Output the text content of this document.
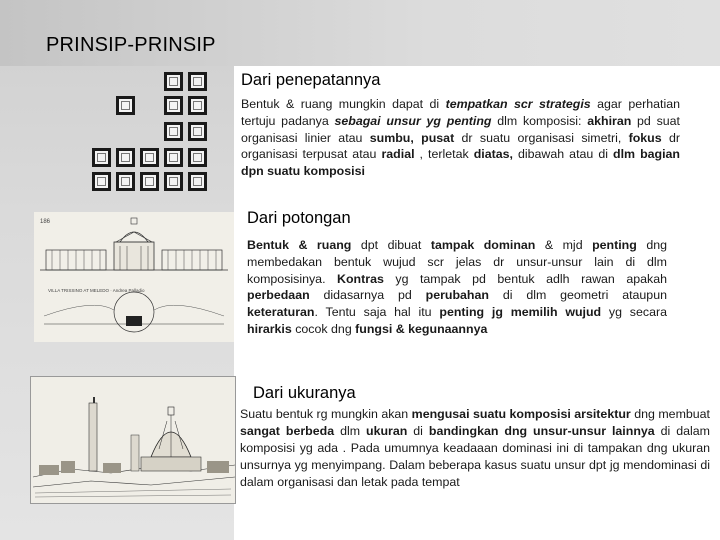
PRINSIP-PRINSIP
Dari penepatannya
Bentuk & ruang mungkin dapat di tempatkan scr strategis agar perhatian tertuju padanya sebagai unsur yg penting dlm komposisi: akhiran pd suat organisasi linier atau sumbu, pusat dr suatu organisasi simetri, fokus dr organisasi terpusat atau radial , terletak diatas, dibawah atau di dlm bagian dpn suatu komposisi
186
VILLA TRISSINO AT MELEDO · Andrea Palladio
Dari potongan
Bentuk & ruang dpt dibuat tampak dominan & mjd penting dng membedakan bentuk wujud scr jelas dr unsur-unsur lain di dlm komposisinya. Kontras yg tampak pd bentuk adlh rawan apakah perbedaan didasarnya pd perubahan di dlm geometri ataupun keteraturan. Tentu saja hal itu penting jg memilih wujud yg secara hirarkis cocok dng fungsi & kegunaannya
Dari ukuranya
Suatu bentuk rg mungkin akan mengusai suatu komposisi arsitektur dng membuat sangat berbeda dlm ukuran di bandingkan dng unsur-unsur lainnya di dalam komposisi yg ada . Pada umumnya keadaaan dominasi ini di tampakan dng ukuran unsurnya yg menyimpang. Dalam beberapa kasus suatu unsur dpt jg mendominasi di dalam organisasi dan letak pada tempat
